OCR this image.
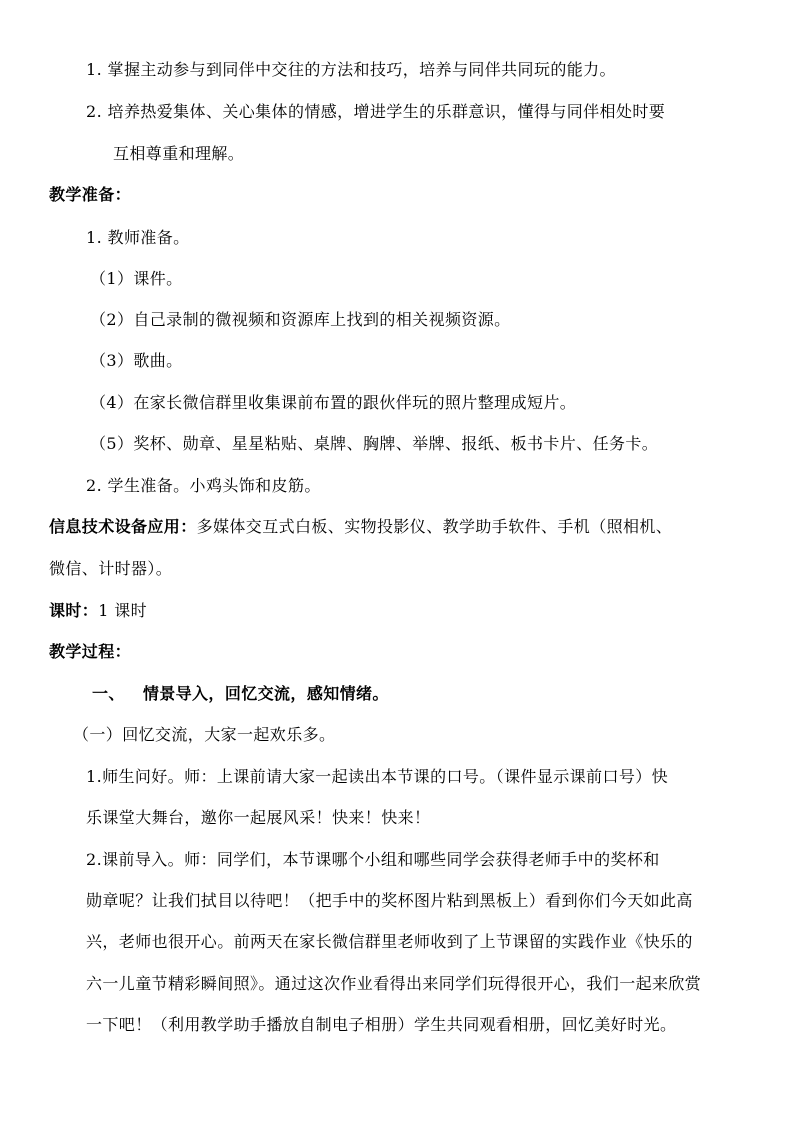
1. 掌握主动参与到同伴中交往的方法和技巧，培养与同伴共同玩的能力。
2. 培养热爱集体、关心集体的情感，增进学生的乐群意识，懂得与同伴相处时要
互相尊重和理解。
教学准备：
1. 教师准备。
（1）课件。
（2）自己录制的微视频和资源库上找到的相关视频资源。
（3）歌曲。
（4）在家长微信群里收集课前布置的跟伙伴玩的照片整理成短片。
（5）奖杯、勋章、星星粘贴、桌牌、胸牌、举牌、报纸、板书卡片、任务卡。
2. 学生准备。小鸡头饰和皮筋。
信息技术设备应用：多媒体交互式白板、实物投影仪、教学助手软件、手机（照相机、
微信、计时器）。
课时：1 课时
教学过程：
一、 情景导入，回忆交流，感知情绪。
（一）回忆交流，大家一起欢乐多。
1.师生问好。师：上课前请大家一起读出本节课的口号。（课件显示课前口号）快
乐课堂大舞台，邀你一起展风采！快来！快来！
2.课前导入。师：同学们，本节课哪个小组和哪些同学会获得老师手中的奖杯和
勋章呢？让我们拭目以待吧！（把手中的奖杯图片粘到黑板上）看到你们今天如此高
兴，老师也很开心。前两天在家长微信群里老师收到了上节课留的实践作业《快乐的
六一儿童节精彩瞬间照》。通过这次作业看得出来同学们玩得很开心，我们一起来欣赏
一下吧！（利用教学助手播放自制电子相册）学生共同观看相册，回忆美好时光。
